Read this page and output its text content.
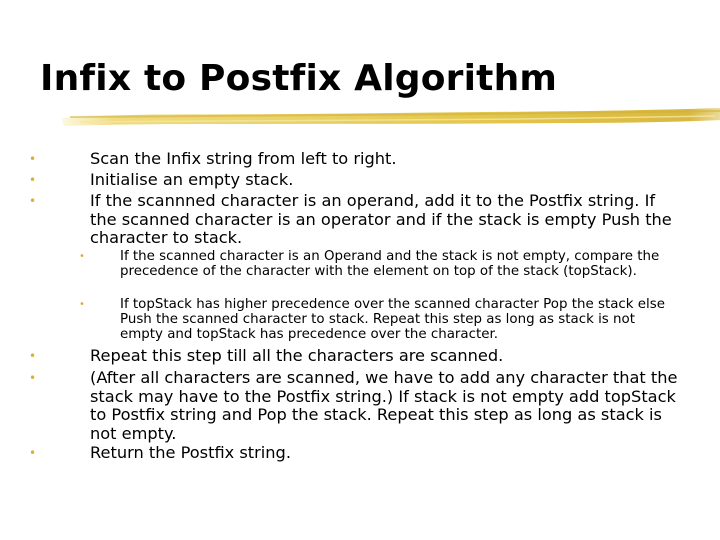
Infix to Postfix Algorithm
•	Scan the Infix string from left to right.
•	Initialise an empty stack.
•	If the scannned character is an operand, add it to the Postfix string. If the scanned character is an operator and if the stack is empty Push the character to stack.
•	If the scanned character is an Operand and the stack is not empty, compare the precedence of the character with the element on top of the stack (topStack).
•	If topStack has higher precedence over the scanned character Pop the stack else Push the scanned character to stack. Repeat this step as long as stack is not empty and topStack has precedence over the character.
•	Repeat this step till all the characters are scanned.
•	(After all characters are scanned, we have to add any character that the stack may have to the Postfix string.) If stack is not empty add topStack to Postfix string and Pop the stack. Repeat this step as long as stack is not empty.
•	Return the Postfix string.
